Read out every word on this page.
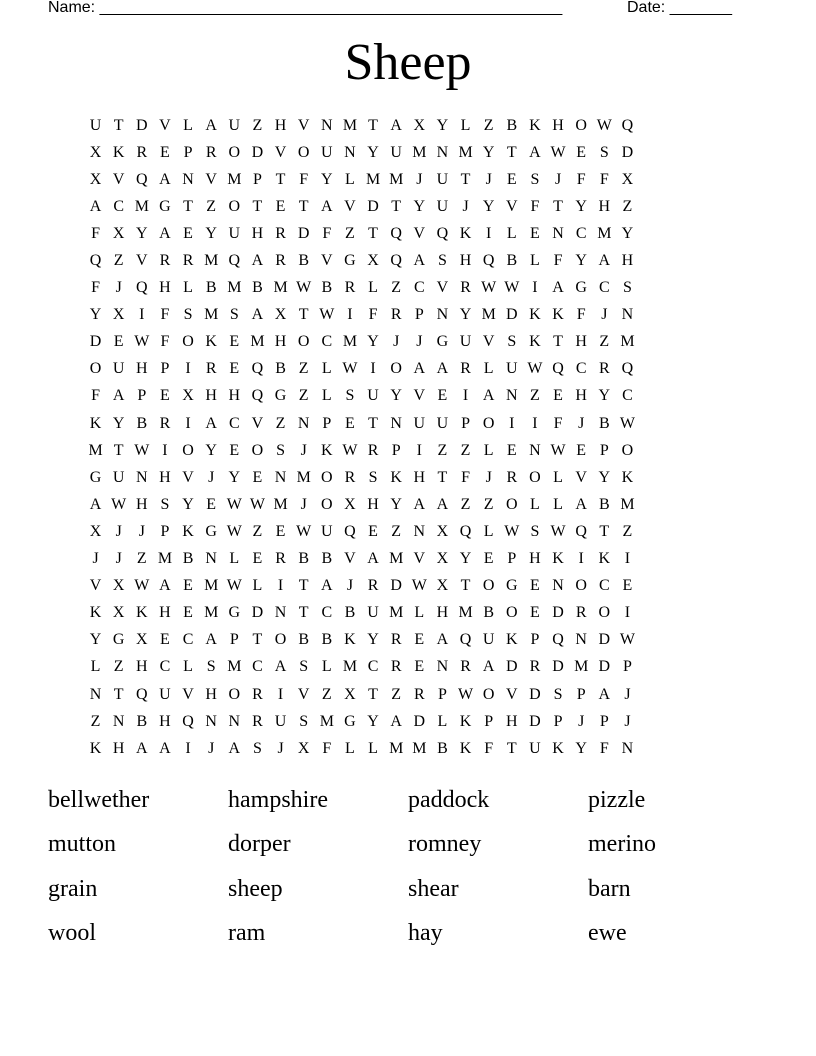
Name: ____________________________________________________	Date: _______
Sheep
U T D V L A U Z H V N M T A X Y L Z B K H O W Q
X K R E P R O D V O U N Y U M N M Y T A W E S D
X V Q A N V M P T F Y L M M J U T J E S J F F X
A C M G T Z O T E T A V D T Y U J Y V F T Y H Z
F X Y A E Y U H R D F Z T Q V Q K I L E N C M Y
Q Z V R R M Q A R B V G X Q A S H Q B L F Y A H
F J Q H L B M B M W B R L Z C V R W W I A G C S
Y X I	F S M S A X T W I	F R P N Y M D K K F J N
D E W F O K E M H O C M Y J	J G U V S K T H Z M
O U H P	I R E Q B Z L W I O A A R L U W Q C R Q
F A P E X H H Q G Z L S U Y V E I A N Z E H Y C
K Y B R I A C V Z N P E T N U U P O I	I	F J B W
M T W I O Y E O S J K W R P	I Z Z L E N W E P O
G U N H V J Y E N M O R S K H T F J R O L V Y K
A W H S Y E W W M J O X H Y A A Z Z O L L A B M
X J	J P K G W Z E W U Q E Z N X Q L W S W Q T Z
J	J Z M B N L E R B B V A M V X Y E P H K I K I
V X W A E M W L I T A J R D W X T O G E N O C E
K X K H E M G D N T C B U M L H M B O E D R O I
Y G X E C A P T O B B K Y R E A Q U K P Q N D W
L Z H C L S M C A S L M C R E N R A D R D M D P
N T Q U V H O R I V Z X T Z R P W O V D S P A J
Z N B H Q N N R U S M G Y A D L K P H D P J P J
K H A A I	J A S J X F L L M M B K F T U K Y F N
bellwether	hampshire	paddock	pizzle
mutton	dorper	romney	merino
grain	sheep	shear	barn
wool	ram	hay	ewe
